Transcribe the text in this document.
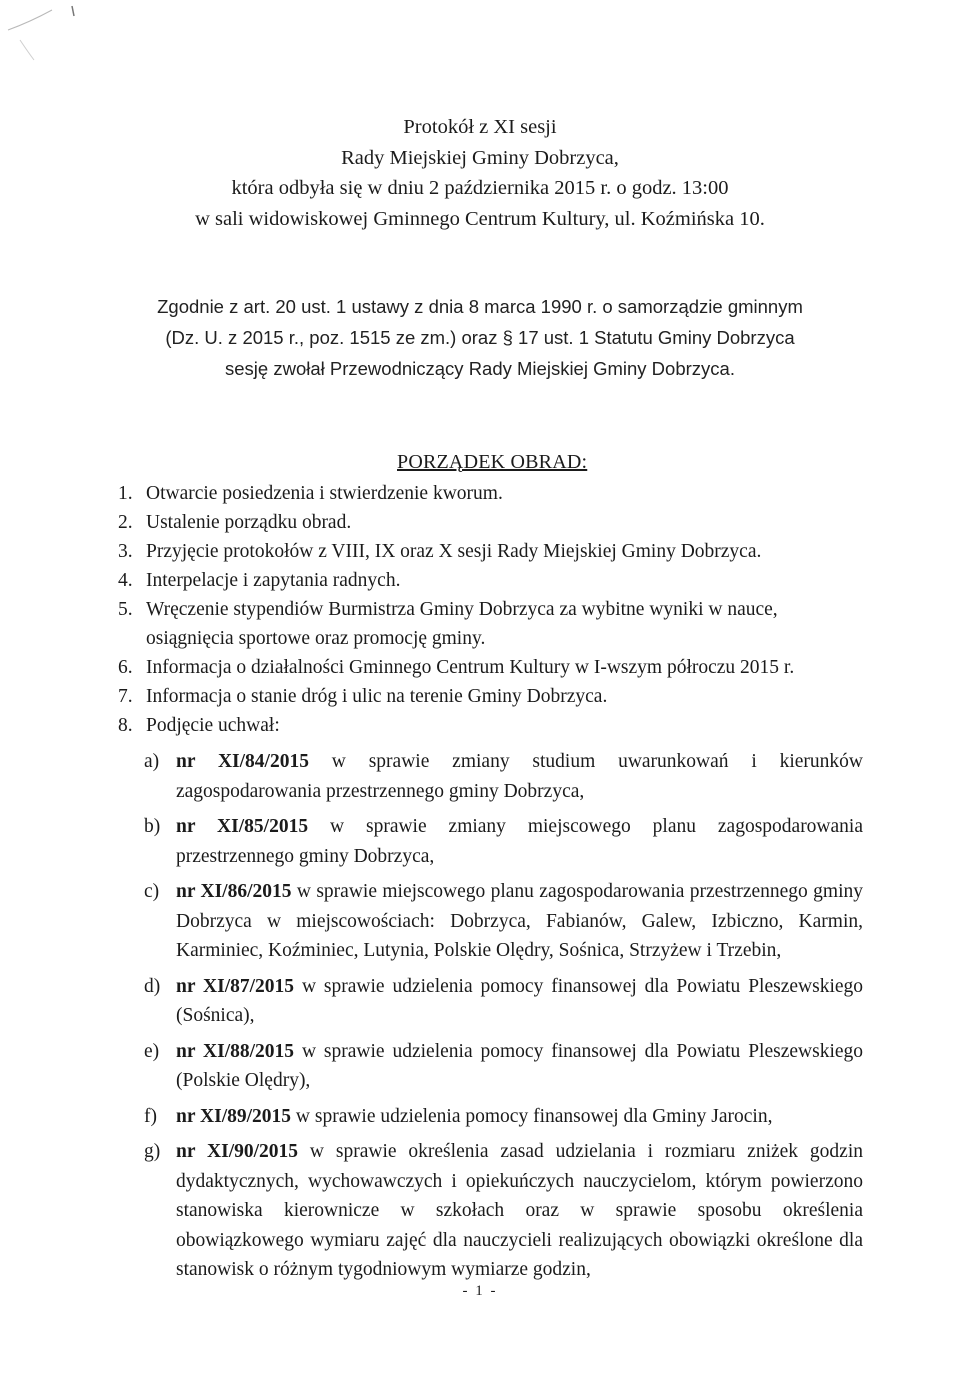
Protokół z XI sesji
Rady Miejskiej Gminy Dobrzyca,
która odbyła się w dniu 2 października 2015 r. o godz. 13:00
w sali widowiskowej Gminnego Centrum Kultury, ul. Koźmińska 10.
Zgodnie z art. 20 ust. 1 ustawy z dnia 8 marca 1990 r. o samorządzie gminnym
(Dz. U. z 2015 r., poz. 1515 ze zm.) oraz § 17 ust. 1 Statutu Gminy Dobrzyca
sesję zwołał Przewodniczący Rady Miejskiej Gminy Dobrzyca.
PORZĄDEK OBRAD:
1. Otwarcie posiedzenia i stwierdzenie kworum.
2. Ustalenie porządku obrad.
3. Przyjęcie protokołów z VIII, IX oraz X sesji Rady Miejskiej Gminy Dobrzyca.
4. Interpelacje i zapytania radnych.
5. Wręczenie stypendiów Burmistrza Gminy Dobrzyca za wybitne wyniki w nauce, osiągnięcia sportowe oraz promocję gminy.
6. Informacja o działalności Gminnego Centrum Kultury w I-wszym półroczu 2015 r.
7. Informacja o stanie dróg i ulic na terenie Gminy Dobrzyca.
8. Podjęcie uchwał:
a) nr XI/84/2015 w sprawie zmiany studium uwarunkowań i kierunków zagospodarowania przestrzennego gminy Dobrzyca,
b) nr XI/85/2015 w sprawie zmiany miejscowego planu zagospodarowania przestrzennego gminy Dobrzyca,
c) nr XI/86/2015 w sprawie miejscowego planu zagospodarowania przestrzennego gminy Dobrzyca w miejscowościach: Dobrzyca, Fabianów, Galew, Izbiczno, Karmin, Karminiec, Koźminiec, Lutynia, Polskie Olędry, Sośnica, Strzyżew i Trzebin,
d) nr XI/87/2015 w sprawie udzielenia pomocy finansowej dla Powiatu Pleszewskiego (Sośnica),
e) nr XI/88/2015 w sprawie udzielenia pomocy finansowej dla Powiatu Pleszewskiego (Polskie Olędry),
f) nr XI/89/2015 w sprawie udzielenia pomocy finansowej dla Gminy Jarocin,
g) nr XI/90/2015 w sprawie określenia zasad udzielania i rozmiaru zniżek godzin dydaktycznych, wychowawczych i opiekuńczych nauczycielom, którym powierzono stanowiska kierownicze w szkołach oraz w sprawie sposobu określenia obowiązkowego wymiaru zajęć dla nauczycieli realizujących obowiązki określone dla stanowisk o różnym tygodniowym wymiarze godzin,
- 1 -
